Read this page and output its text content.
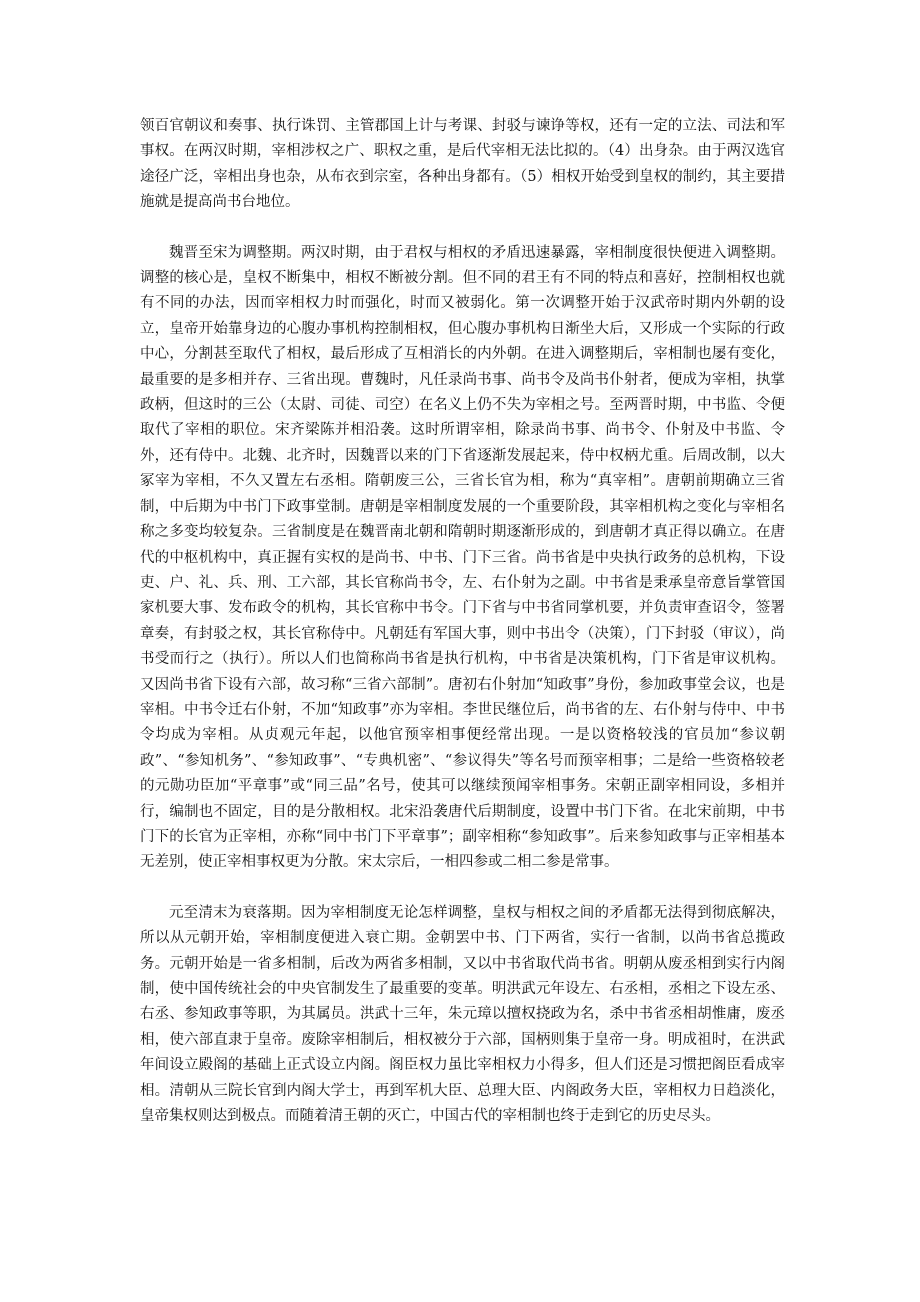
领百官朝议和奏事、执行诛罚、主管郡国上计与考课、封驳与谏诤等权，还有一定的立法、司法和军事权。在两汉时期，宰相涉权之广、职权之重，是后代宰相无法比拟的。（4）出身杂。由于两汉选官途径广泛，宰相出身也杂，从布衣到宗室，各种出身都有。（5）相权开始受到皇权的制约，其主要措施就是提高尚书台地位。

魏晋至宋为调整期。两汉时期，由于君权与相权的矛盾迅速暴露，宰相制度很快便进入调整期。调整的核心是，皇权不断集中，相权不断被分割。但不同的君王有不同的特点和喜好，控制相权也就有不同的办法，因而宰相权力时而强化，时而又被弱化。第一次调整开始于汉武帝时期内外朝的设立，皇帝开始靠身边的心腹办事机构控制相权，但心腹办事机构日渐坐大后，又形成一个实际的行政中心，分割甚至取代了相权，最后形成了互相消长的内外朝。在进入调整期后，宰相制也屡有变化，最重要的是多相并存、三省出现。曹魏时，凡任录尚书事、尚书令及尚书仆射者，便成为宰相，执掌政柄，但这时的三公（太尉、司徒、司空）在名义上仍不失为宰相之号。至两晋时期，中书监、令便取代了宰相的职位。宋齐梁陈并相沿袭。这时所谓宰相，除录尚书事、尚书令、仆射及中书监、令外，还有侍中。北魏、北齐时，因魏晋以来的门下省逐渐发展起来，侍中权柄尤重。后周改制，以大冢宰为宰相，不久又置左右丞相。隋朝废三公，三省长官为相，称为“真宰相”。唐朝前期确立三省制，中后期为中书门下政事堂制。唐朝是宰相制度发展的一个重要阶段，其宰相机构之变化与宰相名称之多变均较复杂。三省制度是在魏晋南北朝和隋朝时期逐渐形成的，到唐朝才真正得以确立。在唐代的中枢机构中，真正握有实权的是尚书、中书、门下三省。尚书省是中央执行政务的总机构，下设吏、户、礼、兵、刑、工六部，其长官称尚书令，左、右仆射为之副。中书省是秉承皇帝意旨掌管国家机要大事、发布政令的机构，其长官称中书令。门下省与中书省同掌机要，并负责审查诏令，签署章奏，有封驳之权，其长官称侍中。凡朝廷有军国大事，则中书出令（决策），门下封驳（审议），尚书受而行之（执行）。所以人们也简称尚书省是执行机构，中书省是决策机构，门下省是审议机构。又因尚书省下设有六部，故习称“三省六部制”。唐初右仆射加“知政事”身份，参加政事堂会议，也是宰相。中书令迁右仆射，不加“知政事”亦为宰相。李世民继位后，尚书省的左、右仆射与侍中、中书令均成为宰相。从贞观元年起，以他官预宰相事便经常出现。一是以资格较浅的官员加“参议朝政”、“参知机务”、“参知政事”、“专典机密”、“参议得失”等名号而预宰相事；二是给一些资格较老的元勋功臣加“平章事”或“同三品”名号，使其可以继续预闻宰相事务。宋朝正副宰相同设，多相并行，编制也不固定，目的是分散相权。北宋沿袭唐代后期制度，设置中书门下省。在北宋前期，中书门下的长官为正宰相，亦称“同中书门下平章事”；副宰相称“参知政事”。后来参知政事与正宰相基本无差别，使正宰相事权更为分散。宋太宗后，一相四参或二相二参是常事。

元至清末为衰落期。因为宰相制度无论怎样调整，皇权与相权之间的矛盾都无法得到彻底解决，所以从元朝开始，宰相制度便进入衰亡期。金朝罢中书、门下两省，实行一省制，以尚书省总揽政务。元朝开始是一省多相制，后改为两省多相制，又以中书省取代尚书省。明朝从废丞相到实行内阁制，使中国传统社会的中央官制发生了最重要的变革。明洪武元年设左、右丞相，丞相之下设左丞、右丞、参知政事等职，为其属员。洪武十三年，朱元璋以擅权挠政为名，杀中书省丞相胡惟庸，废丞相，使六部直隶于皇帝。废除宰相制后，相权被分于六部，国柄则集于皇帝一身。明成祖时，在洪武年间设立殿阁的基础上正式设立内阁。阁臣权力虽比宰相权力小得多，但人们还是习惯把阁臣看成宰相。清朝从三院长官到内阁大学士，再到军机大臣、总理大臣、内阁政务大臣，宰相权力日趋淡化，皇帝集权则达到极点。而随着清王朝的灭亡，中国古代的宰相制也终于走到它的历史尽头。
